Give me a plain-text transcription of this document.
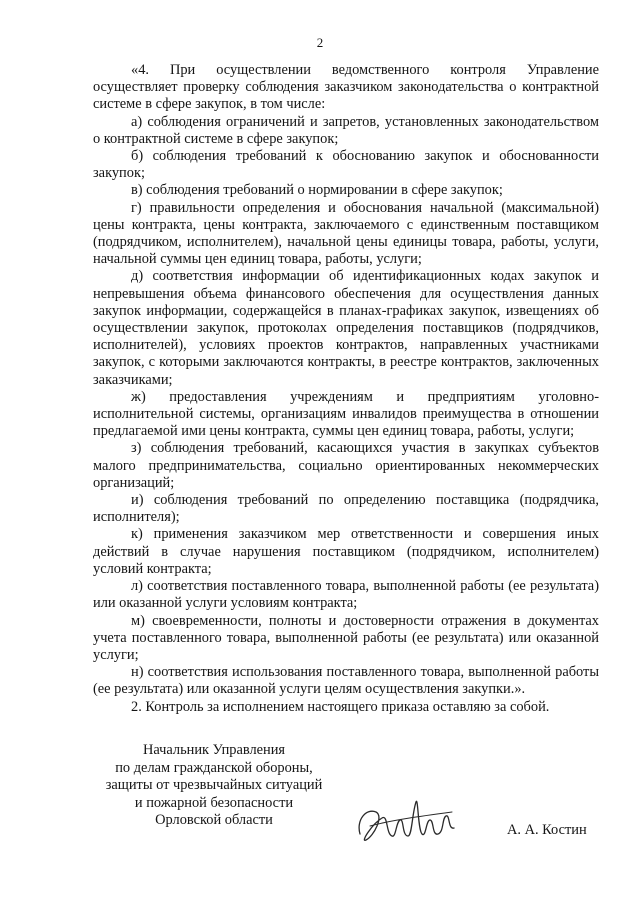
2

«4. При осуществлении ведомственного контроля Управление осуществляет проверку соблюдения заказчиком законодательства о контрактной системе в сфере закупок, в том числе:

а) соблюдения ограничений и запретов, установленных законодательством о контрактной системе в сфере закупок;

б) соблюдения требований к обоснованию закупок и обоснованности закупок;

в) соблюдения требований о нормировании в сфере закупок;

г) правильности определения и обоснования начальной (максимальной) цены контракта, цены контракта, заключаемого с единственным поставщиком (подрядчиком, исполнителем), начальной цены единицы товара, работы, услуги, начальной суммы цен единиц товара, работы, услуги;

д) соответствия информации об идентификационных кодах закупок и непревышения объема финансового обеспечения для осуществления данных закупок информации, содержащейся в планах-графиках закупок, извещениях об осуществлении закупок, протоколах определения поставщиков (подрядчиков, исполнителей), условиях проектов контрактов, направленных участниками закупок, с которыми заключаются контракты, в реестре контрактов, заключенных заказчиками;

ж) предоставления учреждениям и предприятиям уголовно-исполнительной системы, организациям инвалидов преимущества в отношении предлагаемой ими цены контракта, суммы цен единиц товара, работы, услуги;

з) соблюдения требований, касающихся участия в закупках субъектов малого предпринимательства, социально ориентированных некоммерческих организаций;

и) соблюдения требований по определению поставщика (подрядчика, исполнителя);

к) применения заказчиком мер ответственности и совершения иных действий в случае нарушения поставщиком (подрядчиком, исполнителем) условий контракта;

л) соответствия поставленного товара, выполненной работы (ее результата) или оказанной услуги условиям контракта;

м) своевременности, полноты и достоверности отражения в документах учета поставленного товара, выполненной работы (ее результата) или оказанной услуги;

н) соответствия использования поставленного товара, выполненной работы (ее результата) или оказанной услуги целям осуществления закупки.».

2. Контроль за исполнением настоящего приказа оставляю за собой.

Начальник Управления
по делам гражданской обороны,
защиты от чрезвычайных ситуаций
и пожарной безопасности
Орловской области
А. А. Костин
